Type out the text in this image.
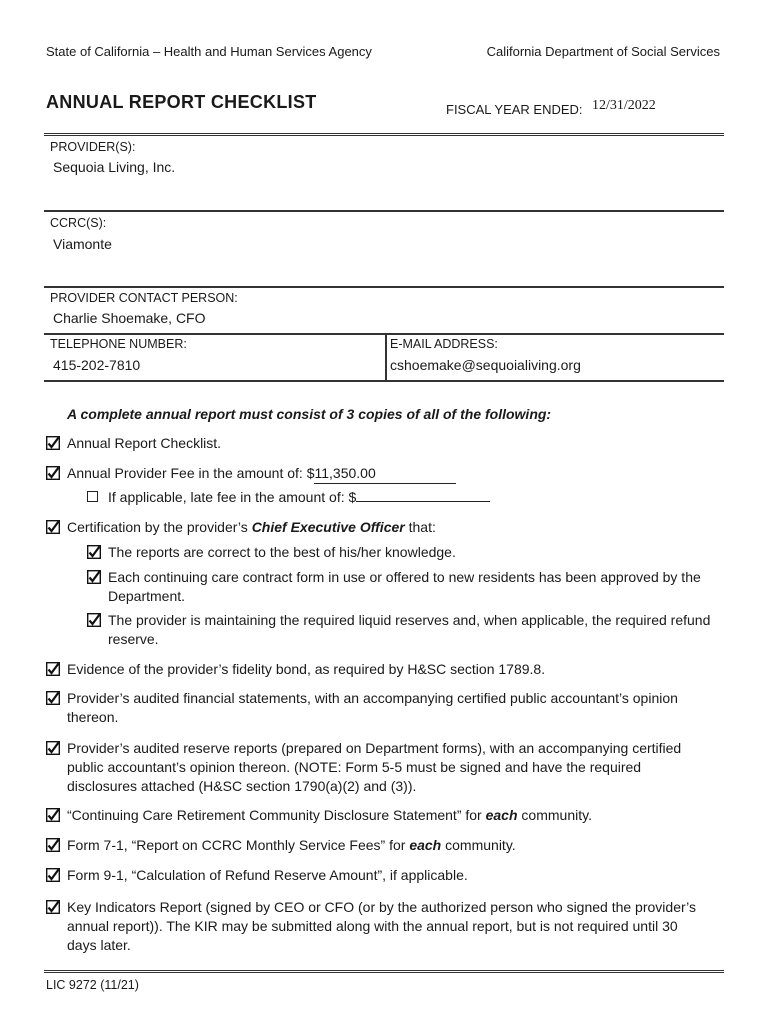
State of California – Health and Human Services Agency	California Department of Social Services
ANNUAL REPORT CHECKLIST	FISCAL YEAR ENDED: 12/31/2022
PROVIDER(S):
Sequoia Living, Inc.
CCRC(S):
Viamonte
PROVIDER CONTACT PERSON:
Charlie Shoemake, CFO
TELEPHONE NUMBER:
415-202-7810
E-MAIL ADDRESS:
cshoemake@sequoialiving.org
A complete annual report must consist of 3 copies of all of the following:
Annual Report Checklist.
Annual Provider Fee in the amount of: $11,350.00
If applicable, late fee in the amount of: $
Certification by the provider’s Chief Executive Officer that:
The reports are correct to the best of his/her knowledge.
Each continuing care contract form in use or offered to new residents has been approved by the Department.
The provider is maintaining the required liquid reserves and, when applicable, the required refund reserve.
Evidence of the provider’s fidelity bond, as required by H&SC section 1789.8.
Provider’s audited financial statements, with an accompanying certified public accountant’s opinion thereon.
Provider’s audited reserve reports (prepared on Department forms), with an accompanying certified public accountant’s opinion thereon. (NOTE: Form 5-5 must be signed and have the required disclosures attached (H&SC section 1790(a)(2) and (3)).
“Continuing Care Retirement Community Disclosure Statement” for each community.
Form 7-1, “Report on CCRC Monthly Service Fees” for each community.
Form 9-1, “Calculation of Refund Reserve Amount”, if applicable.
Key Indicators Report (signed by CEO or CFO (or by the authorized person who signed the provider’s annual report)). The KIR may be submitted along with the annual report, but is not required until 30 days later.
LIC 9272 (11/21)
